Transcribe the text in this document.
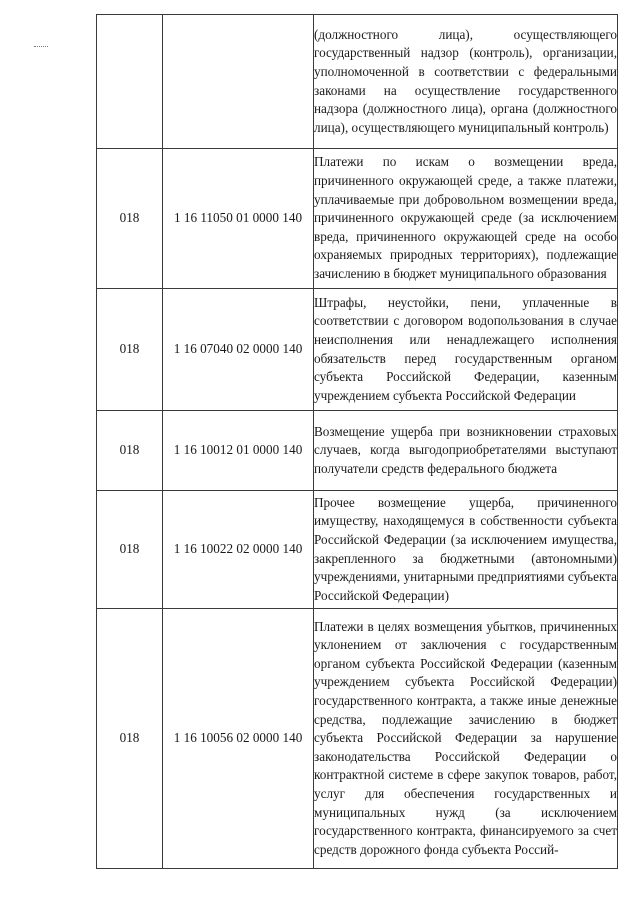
		(должностного лица), осуществляющего государственный надзор (контроль), организации, уполномоченной в соответствии с федеральными законами на осуществление государственного надзора (должностного лица), органа (должностного лица), осуществляющего муниципальный контроль)

018	1 16 11050 01 0000 140	Платежи по искам о возмещении вреда, причиненного окружающей среде, а также платежи, уплачиваемые при добровольном возмещении вреда, причиненного окружающей среде (за исключением вреда, причиненного окружающей среде на особо охраняемых природных территориях), подлежащие зачислению в бюджет муниципального образования

018	1 16 07040 02 0000 140	Штрафы, неустойки, пени, уплаченные в соответствии с договором водопользования в случае неисполнения или ненадлежащего исполнения обязательств перед государственным органом субъекта Российской Федерации, казенным учреждением субъекта Российской Федерации

018	1 16 10012 01 0000 140	Возмещение ущерба при возникновении страховых случаев, когда выгодоприобретателями выступают получатели средств федерального бюджета

018	1 16 10022 02 0000 140	Прочее возмещение ущерба, причиненного имуществу, находящемуся в собственности субъекта Российской Федерации (за исключением имущества, закрепленного за бюджетными (автономными) учреждениями, унитарными предприятиями субъекта Российской Федерации)

018	1 16 10056 02 0000 140	Платежи в целях возмещения убытков, причиненных уклонением от заключения с государственным органом субъекта Российской Федерации (казенным учреждением субъекта Российской Федерации) государственного контракта, а также иные денежные средства, подлежащие зачислению в бюджет субъекта Российской Федерации за нарушение законодательства Российской Федерации о контрактной системе в сфере закупок товаров, работ, услуг для обеспечения государственных и муниципальных нужд (за исключением государственного контракта, финансируемого за счет средств дорожного фонда субъекта Россий-
